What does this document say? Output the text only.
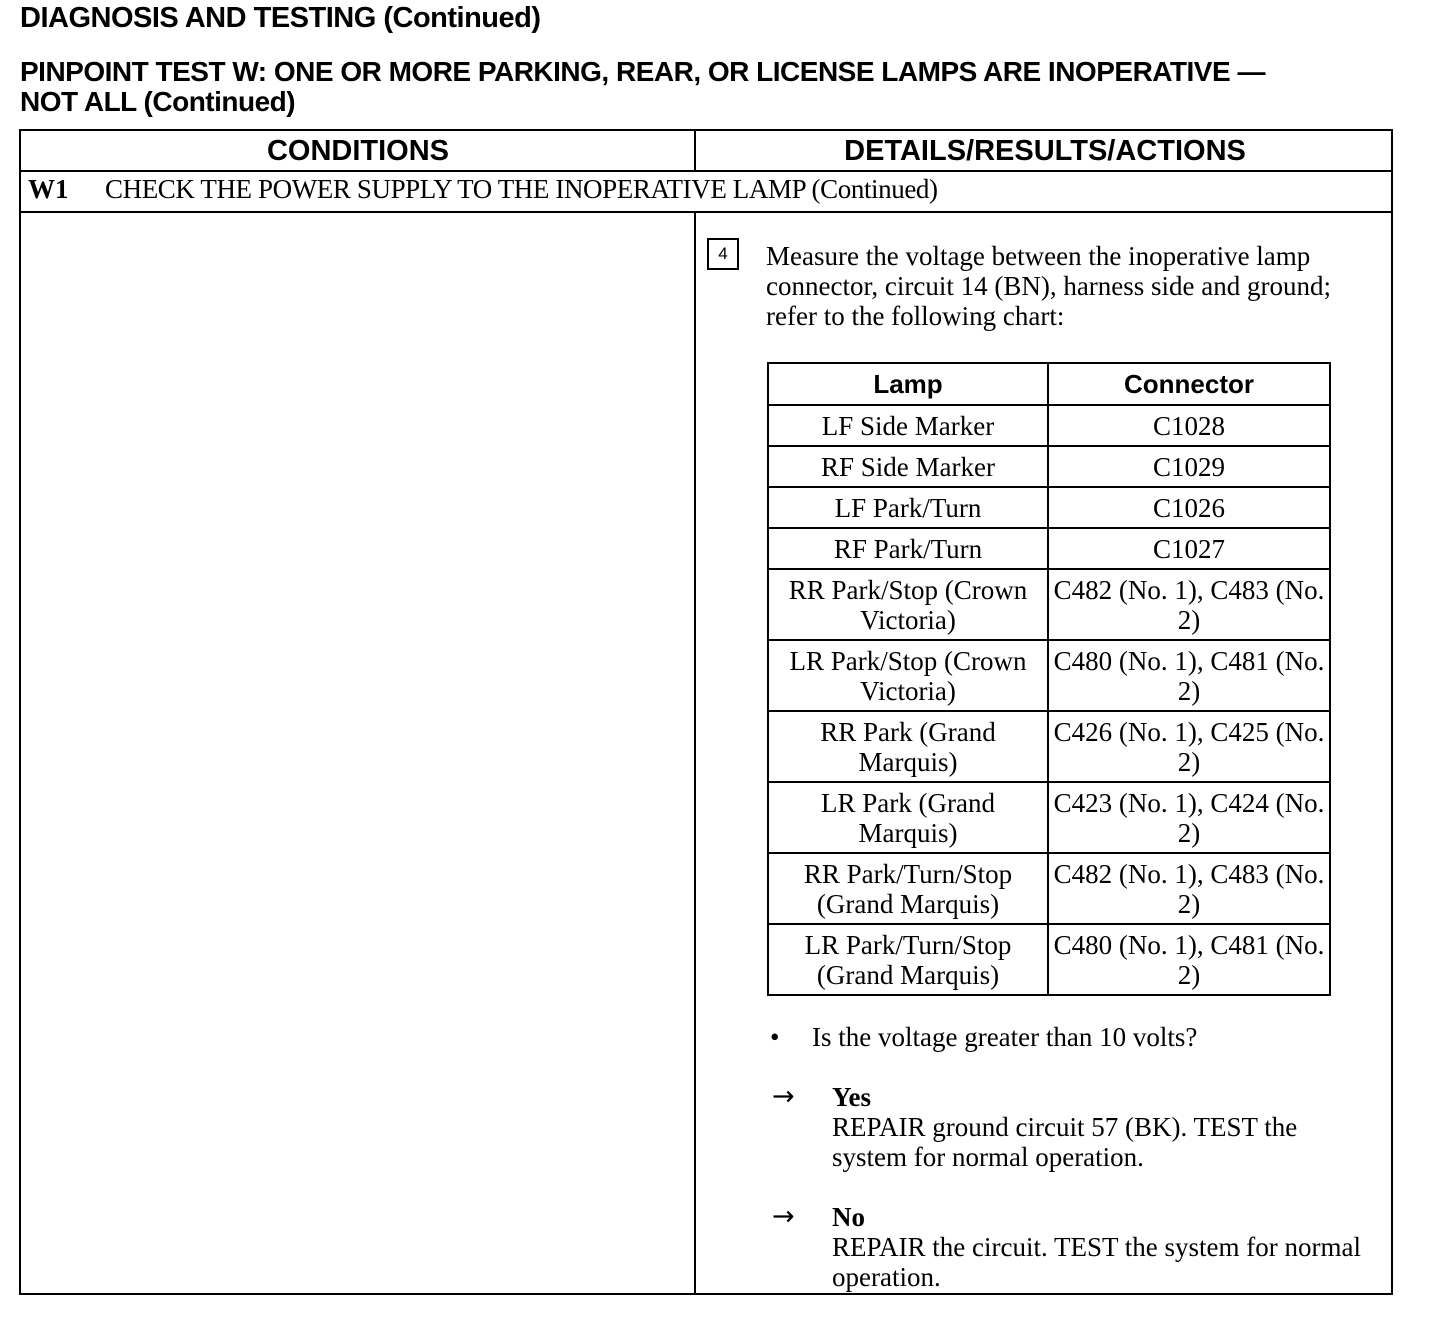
DIAGNOSIS AND TESTING (Continued)
PINPOINT TEST W: ONE OR MORE PARKING, REAR, OR LICENSE LAMPS ARE INOPERATIVE —
NOT ALL (Continued)
CONDITIONS	DETAILS/RESULTS/ACTIONS
W1 CHECK THE POWER SUPPLY TO THE INOPERATIVE LAMP (Continued)
4	Measure the voltage between the inoperative lamp connector, circuit 14 (BN), harness side and ground; refer to the following chart:
Lamp	Connector
LF Side Marker	C1028
RF Side Marker	C1029
LF Park/Turn	C1026
RF Park/Turn	C1027
RR Park/Stop (Crown Victoria)	C482 (No. 1), C483 (No. 2)
LR Park/Stop (Crown Victoria)	C480 (No. 1), C481 (No. 2)
RR Park (Grand Marquis)	C426 (No. 1), C425 (No. 2)
LR Park (Grand Marquis)	C423 (No. 1), C424 (No. 2)
RR Park/Turn/Stop (Grand Marquis)	C482 (No. 1), C483 (No. 2)
LR Park/Turn/Stop (Grand Marquis)	C480 (No. 1), C481 (No. 2)
• Is the voltage greater than 10 volts?
→ Yes
REPAIR ground circuit 57 (BK). TEST the system for normal operation.
→ No
REPAIR the circuit. TEST the system for normal operation.
